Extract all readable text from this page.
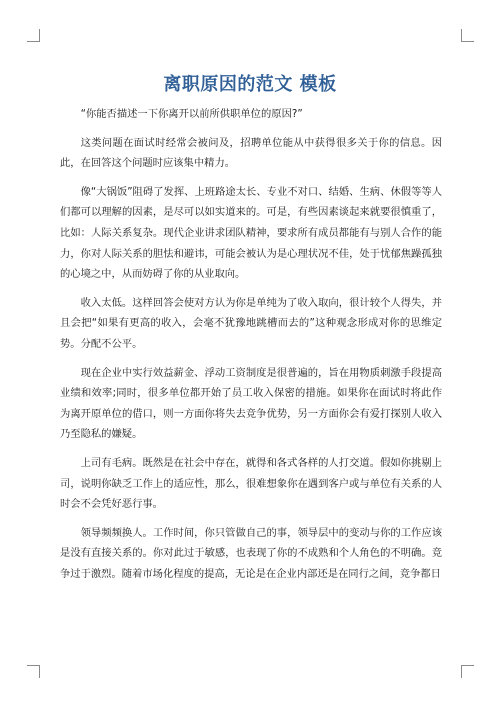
离职原因的范文 模板

“你能否描述一下你离开以前所供职单位的原因?”

这类问题在面试时经常会被问及，招聘单位能从中获得很多关于你的信息。因此，在回答这个问题时应该集中精力。

像“大锅饭”阻碍了发挥、上班路途太长、专业不对口、结婚、生病、休假等等人们都可以理解的因素，是尽可以如实道来的。可是，有些因素谈起来就要很慎重了，比如：人际关系复杂。现代企业讲求团队精神，要求所有成员都能有与别人合作的能力，你对人际关系的胆怯和避讳，可能会被认为是心理状况不佳，处于忧郁焦躁孤独的心境之中，从而妨碍了你的从业取向。

收入太低。这样回答会使对方认为你是单纯为了收入取向，很计较个人得失，并且会把“如果有更高的收入，会毫不犹豫地跳槽而去的”这种观念形成对你的思维定势。分配不公平。

现在企业中实行效益薪金、浮动工资制度是很普遍的，旨在用物质刺激手段提高业绩和效率;同时，很多单位都开始了员工收入保密的措施。如果你在面试时将此作为离开原单位的借口，则一方面你将失去竞争优势，另一方面你会有爱打探别人收入乃至隐私的嫌疑。

上司有毛病。既然是在社会中存在，就得和各式各样的人打交道。假如你挑剔上司，说明你缺乏工作上的适应性，那么，很难想象你在遇到客户或与单位有关系的人时会不会凭好恶行事。

领导频频换人。工作时间，你只管做自己的事，领导层中的变动与你的工作应该是没有直接关系的。你对此过于敏感，也表现了你的不成熟和个人角色的不明确。竞争过于激烈。随着市场化程度的提高，无论是在企业内部还是在同行之间，竞争都日
